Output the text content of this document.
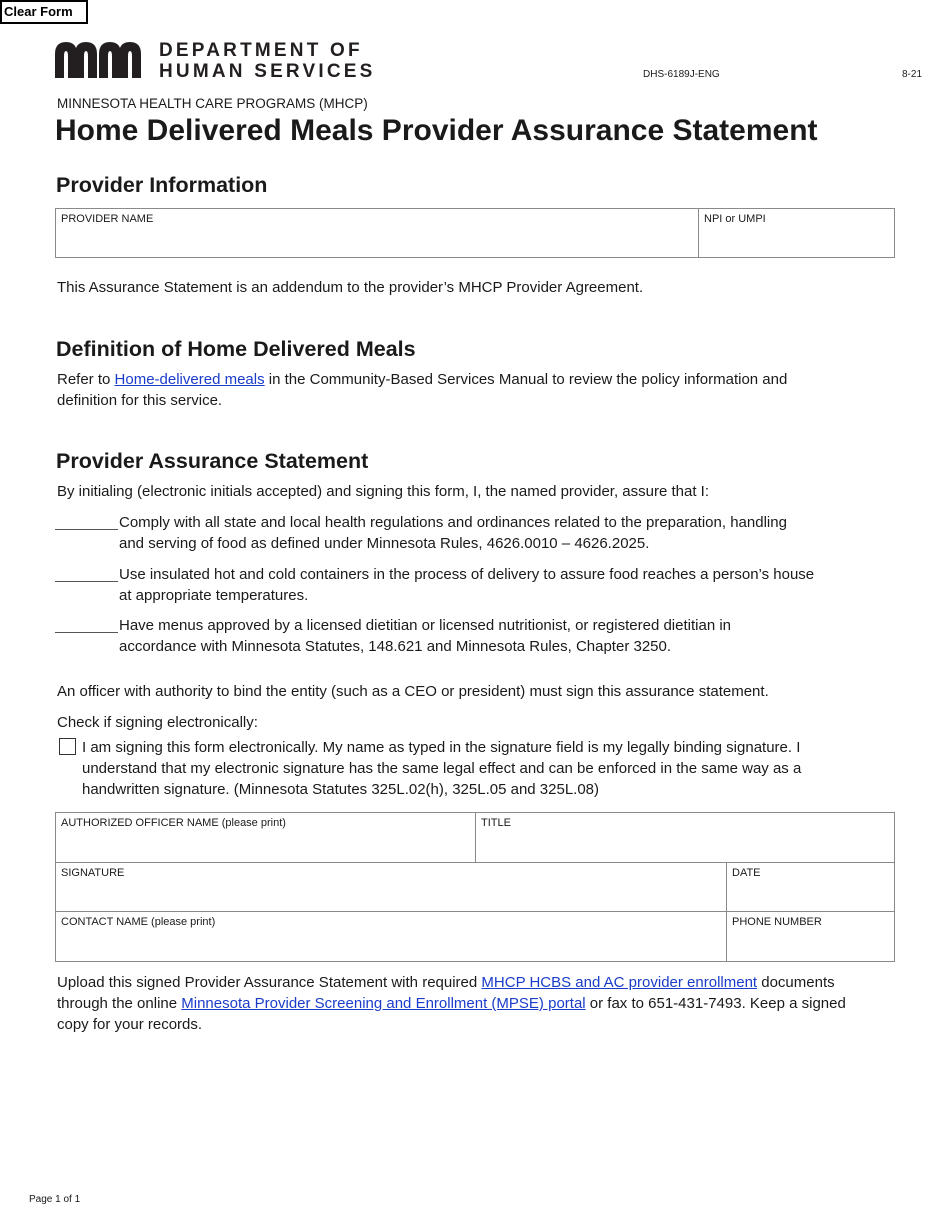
Clear Form
DEPARTMENT OF
HUMAN SERVICES	DHS-6189J-ENG	8-21
MINNESOTA HEALTH CARE PROGRAMS (MHCP)
Home Delivered Meals Provider Assurance Statement
Provider Information
PROVIDER NAME	NPI or UMPI
This Assurance Statement is an addendum to the provider’s MHCP Provider Agreement.
Definition of Home Delivered Meals
Refer to Home-delivered meals in the Community-Based Services Manual to review the policy information and
definition for this service.
Provider Assurance Statement
By initialing (electronic initials accepted) and signing this form, I, the named provider, assure that I:
Comply with all state and local health regulations and ordinances related to the preparation, handling
and serving of food as defined under Minnesota Rules, 4626.0010 – 4626.2025.
Use insulated hot and cold containers in the process of delivery to assure food reaches a person’s house
at appropriate temperatures.
Have menus approved by a licensed dietitian or licensed nutritionist, or registered dietitian in
accordance with Minnesota Statutes, 148.621 and Minnesota Rules, Chapter 3250.
An officer with authority to bind the entity (such as a CEO or president) must sign this assurance statement.
Check if signing electronically:
I am signing this form electronically. My name as typed in the signature field is my legally binding signature. I
understand that my electronic signature has the same legal effect and can be enforced in the same way as a
handwritten signature. (Minnesota Statutes 325L.02(h), 325L.05 and 325L.08)
AUTHORIZED OFFICER NAME (please print)	TITLE
SIGNATURE	DATE
CONTACT NAME (please print)	PHONE NUMBER
Upload this signed Provider Assurance Statement with required MHCP HCBS and AC provider enrollment documents
through the online Minnesota Provider Screening and Enrollment (MPSE) portal or fax to 651-431-7493. Keep a signed
copy for your records.
Page 1 of 1
